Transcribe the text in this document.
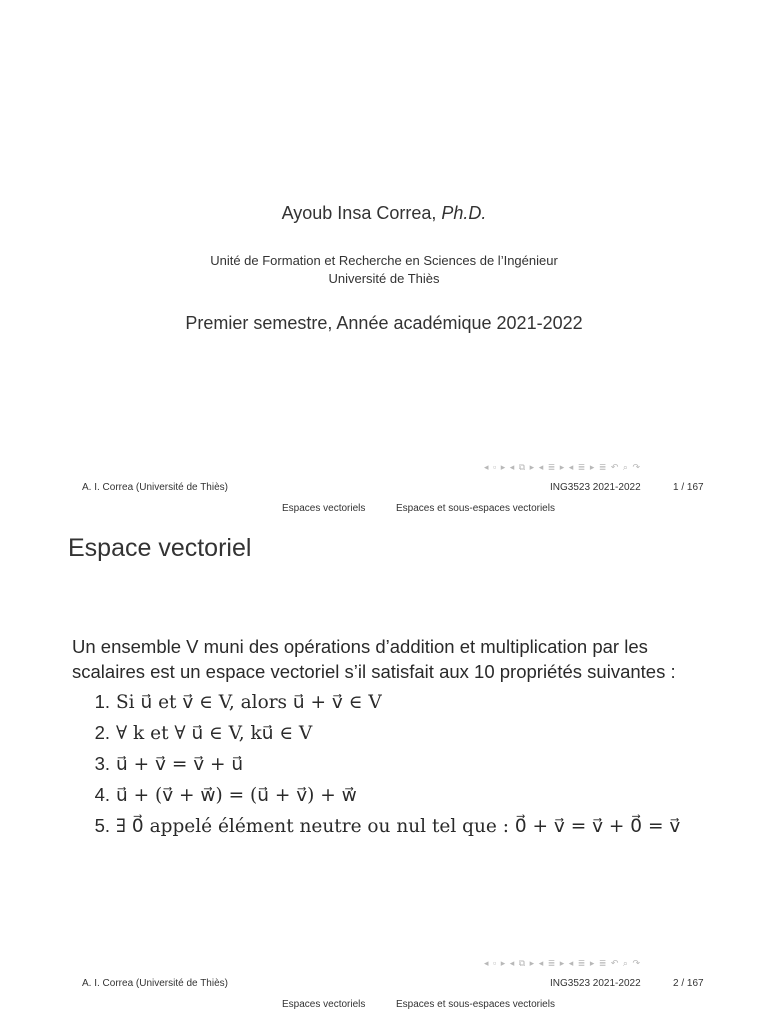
Ayoub Insa Correa, Ph.D.
Unité de Formation et Recherche en Sciences de l’Ingénieur
Université de Thiès
Premier semestre, Année académique 2021-2022
◂ ▫ ▸ ◂ ⧉ ▸ ◂ ≣ ▸ ◂ ≣ ▸ ≣ ↶ ⌕ ↷
A. I. Correa (Université de Thiès)	ING3523 2021-2022	1 / 167
Espaces vectoriels	Espaces et sous-espaces vectoriels
Espace vectoriel
Un ensemble V muni des opérations d’addition et multiplication par les scalaires est un espace vectoriel s’il satisfait aux 10 propriétés suivantes :
1. Si u⃗ et v⃗ ∈ V, alors u⃗ + v⃗ ∈ V
2. ∀ k et ∀ u⃗ ∈ V, ku⃗ ∈ V
3. u⃗ + v⃗ = v⃗ + u⃗
4. u⃗ + (v⃗ + w⃗) = (u⃗ + v⃗) + w⃗
5. ∃ 0⃗ appelé élément neutre ou nul tel que : 0⃗ + v⃗ = v⃗ + 0⃗ = v⃗
◂ ▫ ▸ ◂ ⧉ ▸ ◂ ≣ ▸ ◂ ≣ ▸ ≣ ↶ ⌕ ↷
A. I. Correa (Université de Thiès)	ING3523 2021-2022	2 / 167
Espaces vectoriels	Espaces et sous-espaces vectoriels
